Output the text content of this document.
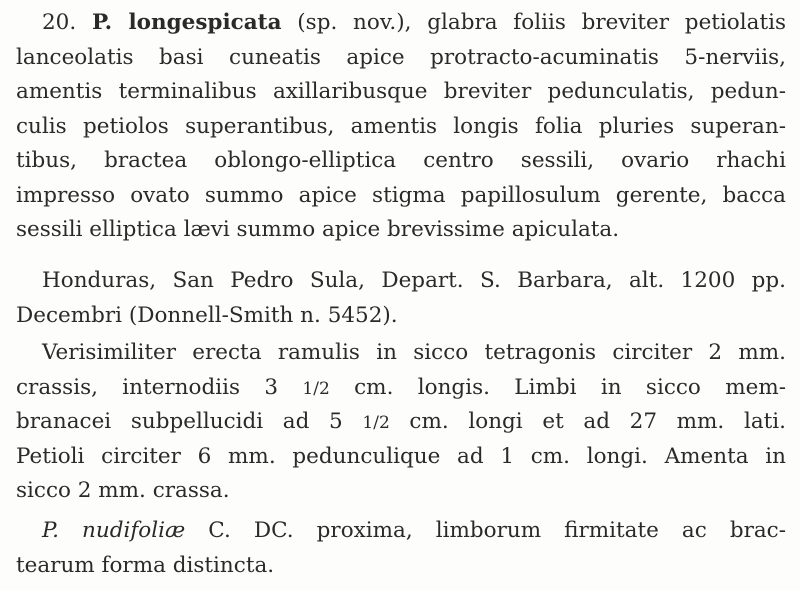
20. P. longespicata (sp. nov.), glabra foliis breviter petiolatis
lanceolatis basi cuneatis apice protracto-acuminatis 5-nerviis,
amentis terminalibus axillaribusque breviter pedunculatis, pedun-
culis petiolos superantibus, amentis longis folia pluries superan-
tibus, bractea oblongo-elliptica centro sessili, ovario rhachi
impresso ovato summo apice stigma papillosulum gerente, bacca
sessili elliptica lævi summo apice brevissime apiculata.

Honduras, San Pedro Sula, Depart. S. Barbara, alt. 1200 pp.
Decembri (Donnell-Smith n. 5452).

Verisimiliter erecta ramulis in sicco tetragonis circiter 2 mm.
crassis, internodiis 3 1/2 cm. longis. Limbi in sicco mem-
branacei subpellucidi ad 5 1/2 cm. longi et ad 27 mm. lati.
Petioli circiter 6 mm. pedunculique ad 1 cm. longi. Amenta in
sicco 2 mm. crassa.

P. nudifoliæ C. DC. proxima, limborum firmitate ac brac-
tearum forma distincta.
